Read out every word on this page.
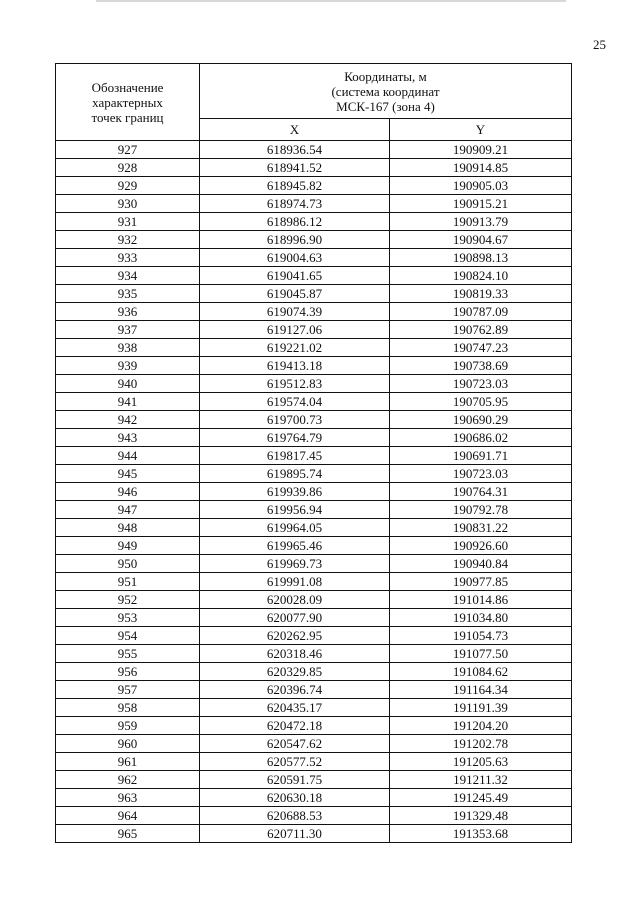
25
Обозначение
характерных
точек границ	Координаты, м
(система координат
МСК-167 (зона 4)	

	X	Y
927	618936.54	190909.21
928	618941.52	190914.85
929	618945.82	190905.03
930	618974.73	190915.21
931	618986.12	190913.79
932	618996.90	190904.67
933	619004.63	190898.13
934	619041.65	190824.10
935	619045.87	190819.33
936	619074.39	190787.09
937	619127.06	190762.89
938	619221.02	190747.23
939	619413.18	190738.69
940	619512.83	190723.03
941	619574.04	190705.95
942	619700.73	190690.29
943	619764.79	190686.02
944	619817.45	190691.71
945	619895.74	190723.03
946	619939.86	190764.31
947	619956.94	190792.78
948	619964.05	190831.22
949	619965.46	190926.60
950	619969.73	190940.84
951	619991.08	190977.85
952	620028.09	191014.86
953	620077.90	191034.80
954	620262.95	191054.73
955	620318.46	191077.50
956	620329.85	191084.62
957	620396.74	191164.34
958	620435.17	191191.39
959	620472.18	191204.20
960	620547.62	191202.78
961	620577.52	191205.63
962	620591.75	191211.32
963	620630.18	191245.49
964	620688.53	191329.48
965	620711.30	191353.68
